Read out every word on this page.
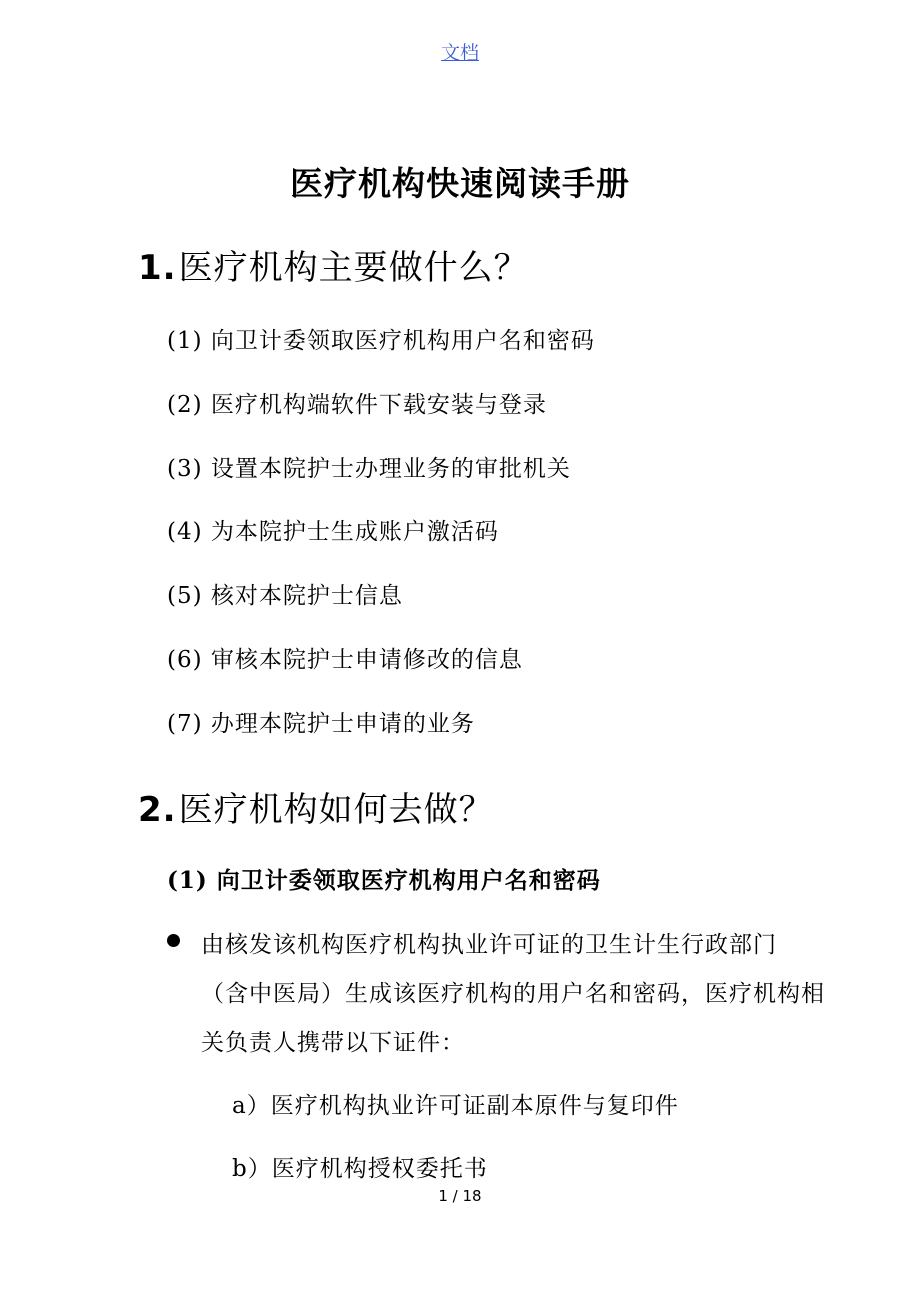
文档
医疗机构快速阅读手册
1.医疗机构主要做什么？
(1) 向卫计委领取医疗机构用户名和密码
(2) 医疗机构端软件下载安装与登录
(3) 设置本院护士办理业务的审批机关
(4) 为本院护士生成账户激活码
(5) 核对本院护士信息
(6) 审核本院护士申请修改的信息
(7) 办理本院护士申请的业务
2.医疗机构如何去做？
(1) 向卫计委领取医疗机构用户名和密码
由核发该机构医疗机构执业许可证的卫生计生行政部门
（含中医局）生成该医疗机构的用户名和密码，医疗机构相
关负责人携带以下证件：
a）医疗机构执业许可证副本原件与复印件
b）医疗机构授权委托书
1 / 18
